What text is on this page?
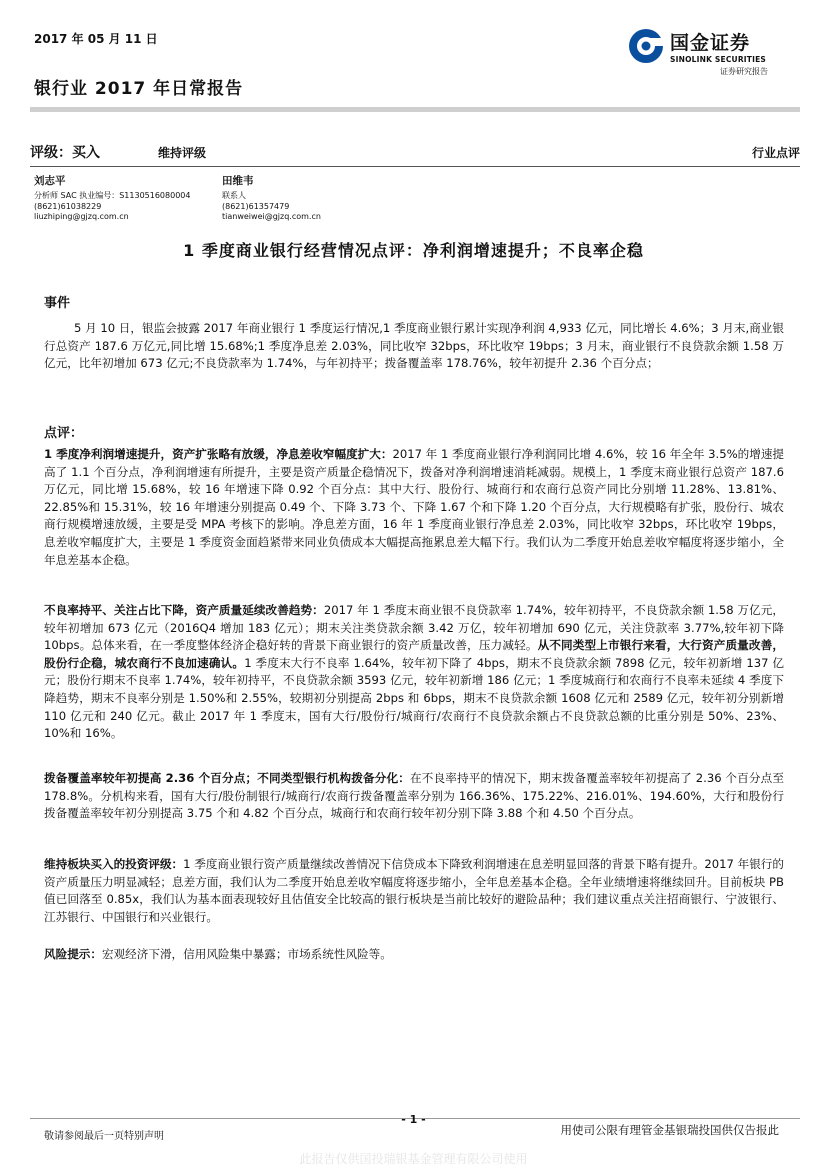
2017 年 05 月 11 日
银行业 2017 年日常报告
国金证券
SINOLINK SECURITIES
证券研究报告
评级：买入	维持评级	行业点评
刘志平
分析师 SAC 执业编号：S1130516080004
(8621)61038229
liuzhiping@gjzq.com.cn
田维韦
联系人
(8621)61357479
tianweiwei@gjzq.com.cn
1 季度商业银行经营情况点评：净利润增速提升；不良率企稳
事件
5 月 10 日，银监会披露 2017 年商业银行 1 季度运行情况,1 季度商业银行累计实现净利润 4,933 亿元，同比增长 4.6%；3 月末,商业银行总资产 187.6 万亿元,同比增 15.68%;1 季度净息差 2.03%，同比收窄 32bps，环比收窄 19bps；3 月末，商业银行不良贷款余额 1.58 万亿元，比年初增加 673 亿元;不良贷款率为 1.74%，与年初持平；拨备覆盖率 178.76%，较年初提升 2.36 个百分点；
点评：
1 季度净利润增速提升，资产扩张略有放缓，净息差收窄幅度扩大：2017 年 1 季度商业银行净利润同比增 4.6%，较 16 年全年 3.5%的增速提高了 1.1 个百分点，净利润增速有所提升，主要是资产质量企稳情况下，拨备对净利润增速消耗减弱。规模上，1 季度末商业银行总资产 187.6 万亿元，同比增 15.68%，较 16 年增速下降 0.92 个百分点：其中大行、股份行、城商行和农商行总资产同比分别增 11.28%、13.81%、22.85%和 15.31%，较 16 年增速分别提高 0.49 个、下降 3.73 个、下降 1.67 个和下降 1.20 个百分点，大行规模略有扩张，股份行、城农商行规模增速放缓，主要是受 MPA 考核下的影响。净息差方面，16 年 1 季度商业银行净息差 2.03%，同比收窄 32bps，环比收窄 19bps，息差收窄幅度扩大，主要是 1 季度资金面趋紧带来同业负债成本大幅提高拖累息差大幅下行。我们认为二季度开始息差收窄幅度将逐步缩小，全年息差基本企稳。
不良率持平、关注占比下降，资产质量延续改善趋势：2017 年 1 季度末商业银不良贷款率 1.74%，较年初持平，不良贷款余额 1.58 万亿元，较年初增加 673 亿元（2016Q4 增加 183 亿元）；期末关注类贷款余额 3.42 万亿，较年初增加 690 亿元，关注贷款率 3.77%,较年初下降 10bps。总体来看，在一季度整体经济企稳好转的背景下商业银行的资产质量改善，压力减轻。从不同类型上市银行来看，大行资产质量改善，股份行企稳，城农商行不良加速确认。1 季度末大行不良率 1.64%，较年初下降了 4bps，期末不良贷款余额 7898 亿元，较年初新增 137 亿元；股份行期末不良率 1.74%，较年初持平，不良贷款余额 3593 亿元，较年初新增 186 亿元；1 季度城商行和农商行不良率未延续 4 季度下降趋势，期末不良率分别是 1.50%和 2.55%，较期初分别提高 2bps 和 6bps，期末不良贷款余额 1608 亿元和 2589 亿元，较年初分别新增 110 亿元和 240 亿元。截止 2017 年 1 季度末，国有大行/股份行/城商行/农商行不良贷款余额占不良贷款总额的比重分别是 50%、23%、10%和 16%。
拨备覆盖率较年初提高 2.36 个百分点；不同类型银行机构拨备分化：在不良率持平的情况下，期末拨备覆盖率较年初提高了 2.36 个百分点至 178.8%。分机构来看，国有大行/股份制银行/城商行/农商行拨备覆盖率分别为 166.36%、175.22%、216.01%、194.60%，大行和股份行拨备覆盖率较年初分别提高 3.75 个和 4.82 个百分点，城商行和农商行较年初分别下降 3.88 个和 4.50 个百分点。
维持板块买入的投资评级：1 季度商业银行资产质量继续改善情况下信贷成本下降致利润增速在息差明显回落的背景下略有提升。2017 年银行的资产质量压力明显减轻；息差方面，我们认为二季度开始息差收窄幅度将逐步缩小，全年息差基本企稳。全年业绩增速将继续回升。目前板块 PB 值已回落至 0.85x，我们认为基本面表现较好且估值安全比较高的银行板块是当前比较好的避险品种；我们建议重点关注招商银行、宁波银行、江苏银行、中国银行和兴业银行。
风险提示：宏观经济下滑，信用风险集中暴露；市场系统性风险等。
- 1 -
敬请参阅最后一页特别声明	用使司公限有理管金基银瑞投国供仅告报此
此报告仅供国投瑞银基金管理有限公司使用
